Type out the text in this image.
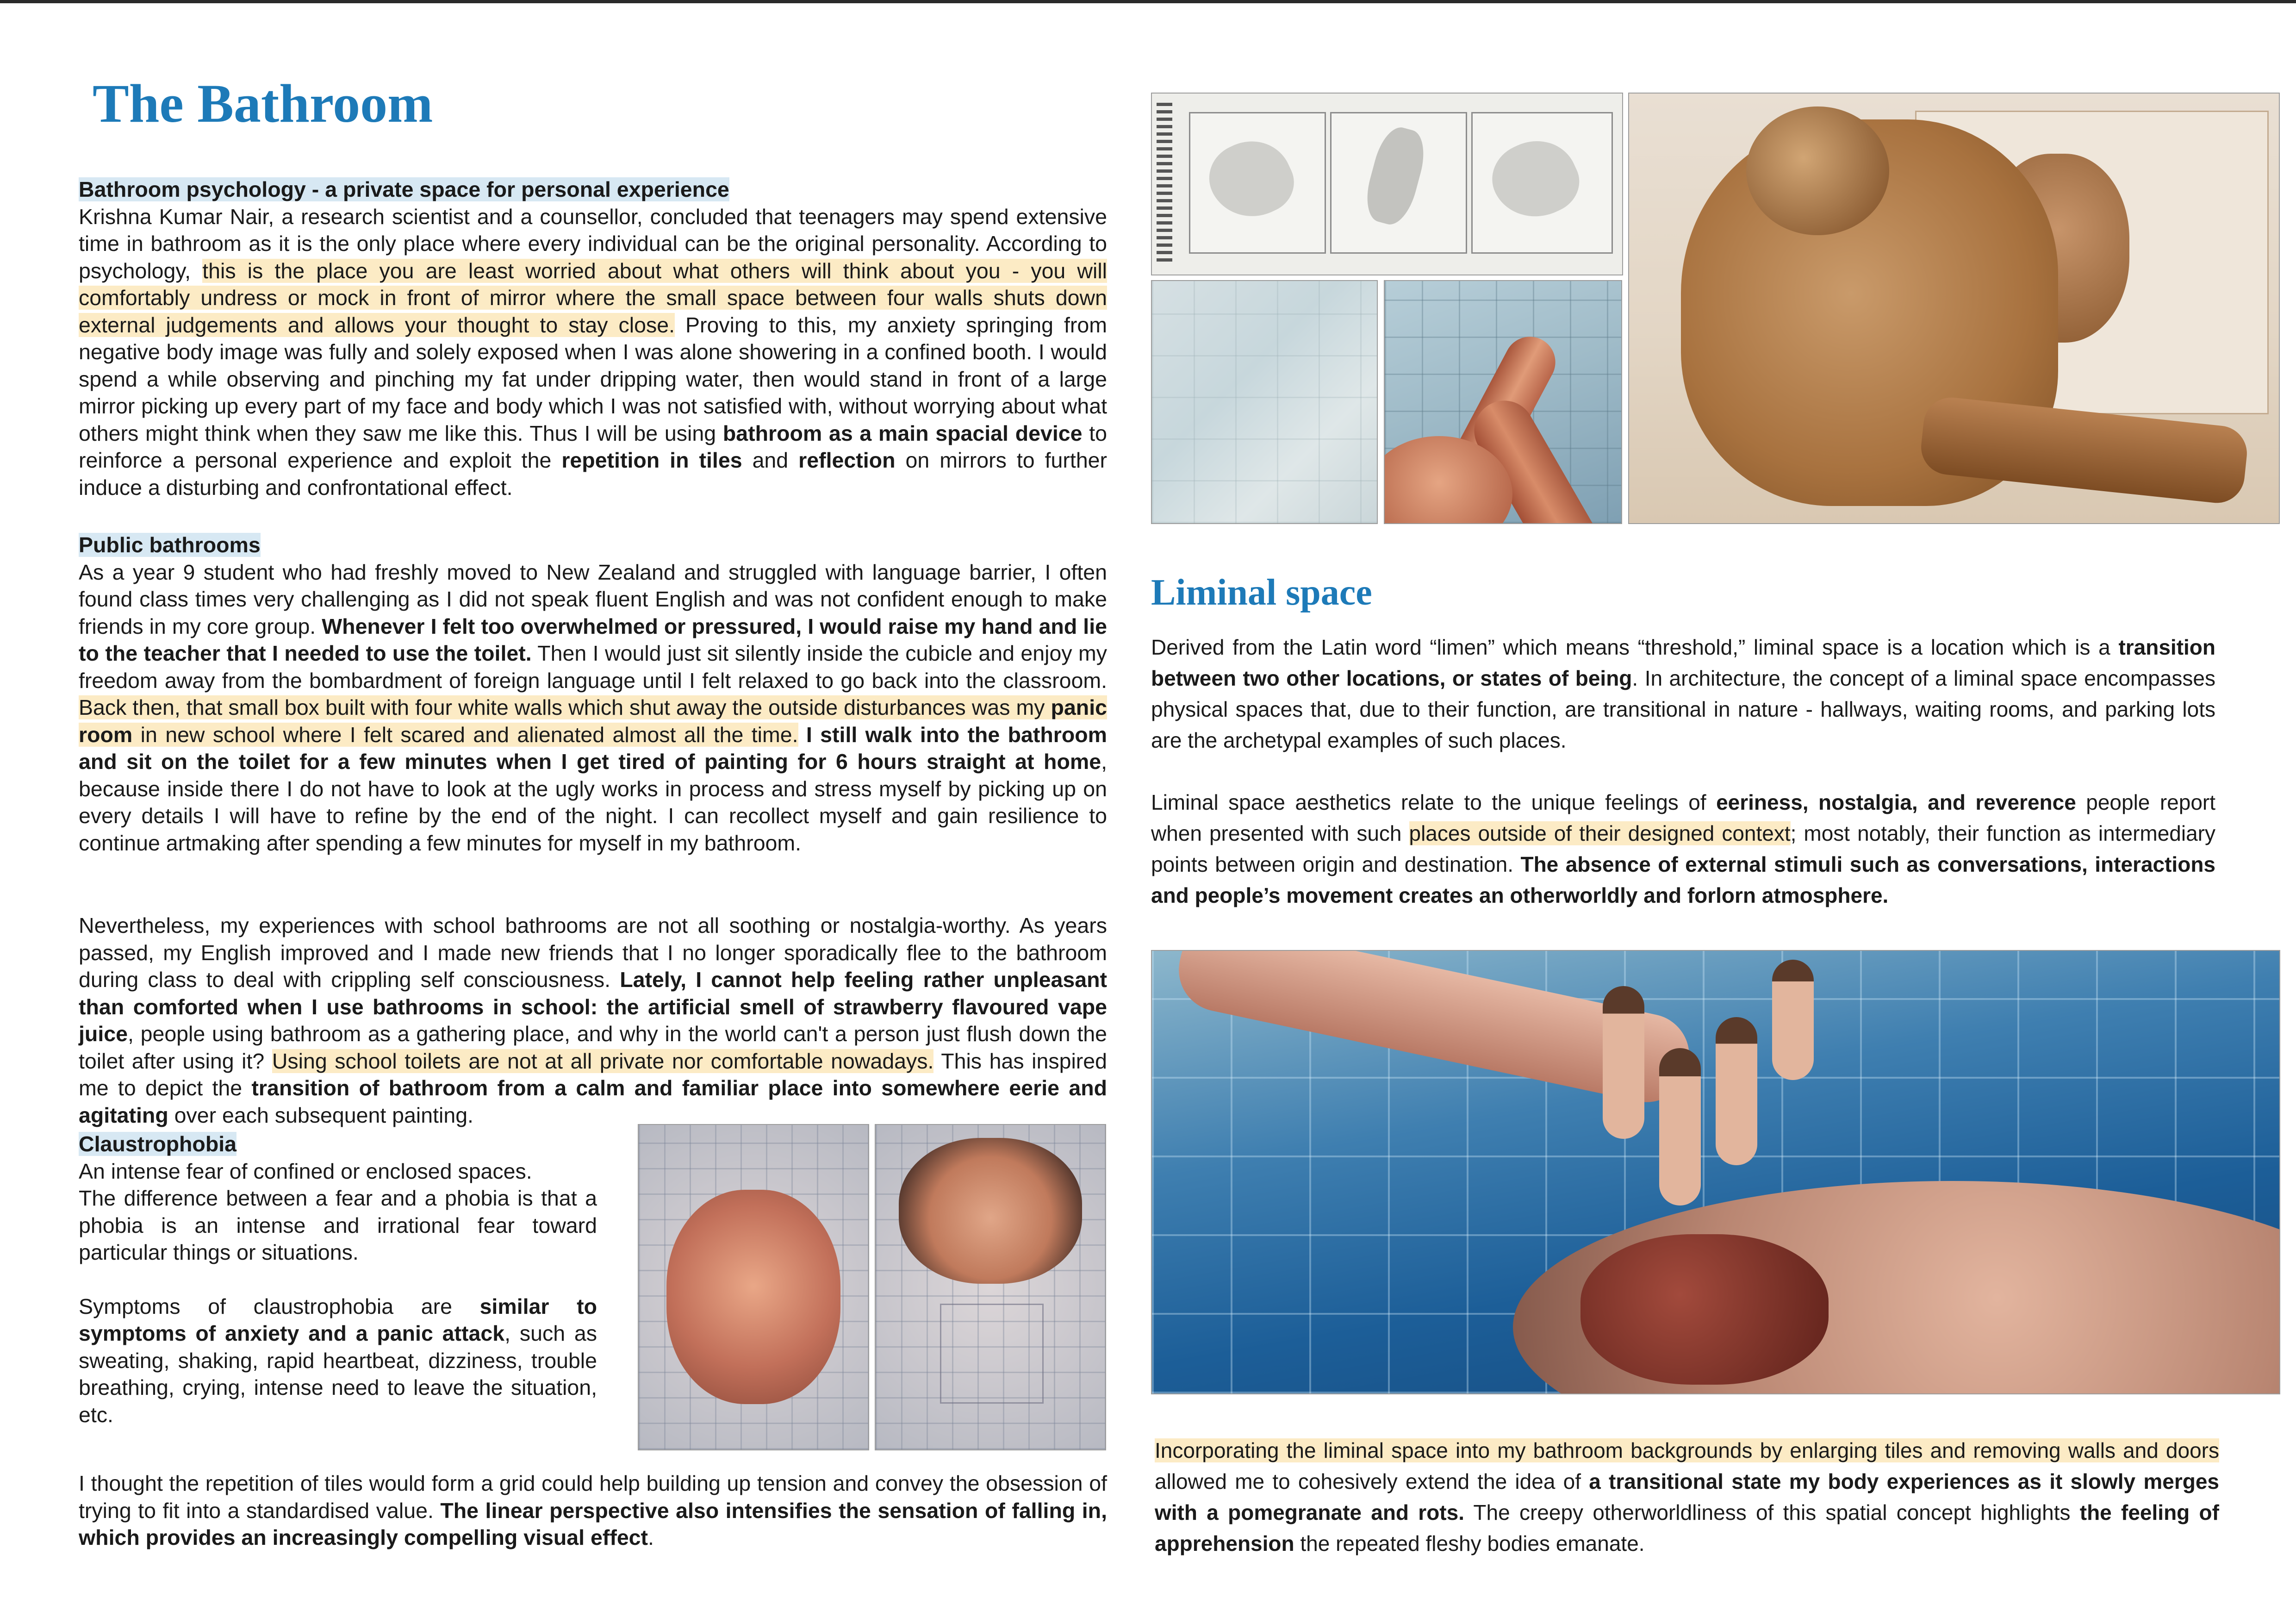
The Bathroom

Bathroom psychology - a private space for personal experience
Krishna Kumar Nair, a research scientist and a counsellor, concluded that teenagers may spend extensive time in bathroom as it is the only place where every individual can be the original personality. According to psychology, this is the place you are least worried about what others will think about you - you will comfortably undress or mock in front of mirror where the small space between four walls shuts down external judgements and allows your thought to stay close. Proving to this, my anxiety springing from negative body image was fully and solely exposed when I was alone showering in a confined booth. I would spend a while observing and pinching my fat under dripping water, then would stand in front of a large mirror picking up every part of my face and body which I was not satisfied with, without worrying about what others might think when they saw me like this. Thus I will be using bathroom as a main spacial device to reinforce a personal experience and exploit the repetition in tiles and reflection on mirrors to further induce a disturbing and confrontational effect.

Public bathrooms
As a year 9 student who had freshly moved to New Zealand and struggled with language barrier, I often found class times very challenging as I did not speak fluent English and was not confident enough to make friends in my core group. Whenever I felt too overwhelmed or pressured, I would raise my hand and lie to the teacher that I needed to use the toilet. Then I would just sit silently inside the cubicle and enjoy my freedom away from the bombardment of foreign language until I felt relaxed to go back into the classroom. Back then, that small box built with four white walls which shut away the outside disturbances was my panic room in new school where I felt scared and alienated almost all the time. I still walk into the bathroom and sit on the toilet for a few minutes when I get tired of painting for 6 hours straight at home, because inside there I do not have to look at the ugly works in process and stress myself by picking up on every details I will have to refine by the end of the night. I can recollect myself and gain resilience to continue artmaking after spending a few minutes for myself in my bathroom.

Nevertheless, my experiences with school bathrooms are not all soothing or nostalgia-worthy. As years passed, my English improved and I made new friends that I no longer sporadically flee to the bathroom during class to deal with crippling self consciousness. Lately, I cannot help feeling rather unpleasant than comforted when I use bathrooms in school: the artificial smell of strawberry flavoured vape juice, people using bathroom as a gathering place, and why in the world can't a person just flush down the toilet after using it? Using school toilets are not at all private nor comfortable nowadays. This has inspired me to depict the transition of bathroom from a calm and familiar place into somewhere eerie and agitating over each subsequent painting.

Claustrophobia
An intense fear of confined or enclosed spaces.
The difference between a fear and a phobia is that a phobia is an intense and irrational fear toward particular things or situations.

Symptoms of claustrophobia are similar to symptoms of anxiety and a panic attack, such as sweating, shaking, rapid heartbeat, dizziness, trouble breathing, crying, intense need to leave the situation, etc.

I thought the repetition of tiles would form a grid could help building up tension and convey the obsession of trying to fit into a standardised value. The linear perspective also intensifies the sensation of falling in, which provides an increasingly compelling visual effect.

Liminal space

Derived from the Latin word “limen” which means “threshold,” liminal space is a location which is a transition between two other locations, or states of being. In architecture, the concept of a liminal space encompasses physical spaces that, due to their function, are transitional in nature - hallways, waiting rooms, and parking lots are the archetypal examples of such places.

Liminal space aesthetics relate to the unique feelings of eeriness, nostalgia, and reverence people report when presented with such places outside of their designed context; most notably, their function as intermediary points between origin and destination. The absence of external stimuli such as conversations, interactions and people’s movement creates an otherworldly and forlorn atmosphere.

Incorporating the liminal space into my bathroom backgrounds by enlarging tiles and removing walls and doors allowed me to cohesively extend the idea of a transitional state my body experiences as it slowly merges with a pomegranate and rots. The creepy otherworldliness of this spatial concept highlights the feeling of apprehension the repeated fleshy bodies emanate.
